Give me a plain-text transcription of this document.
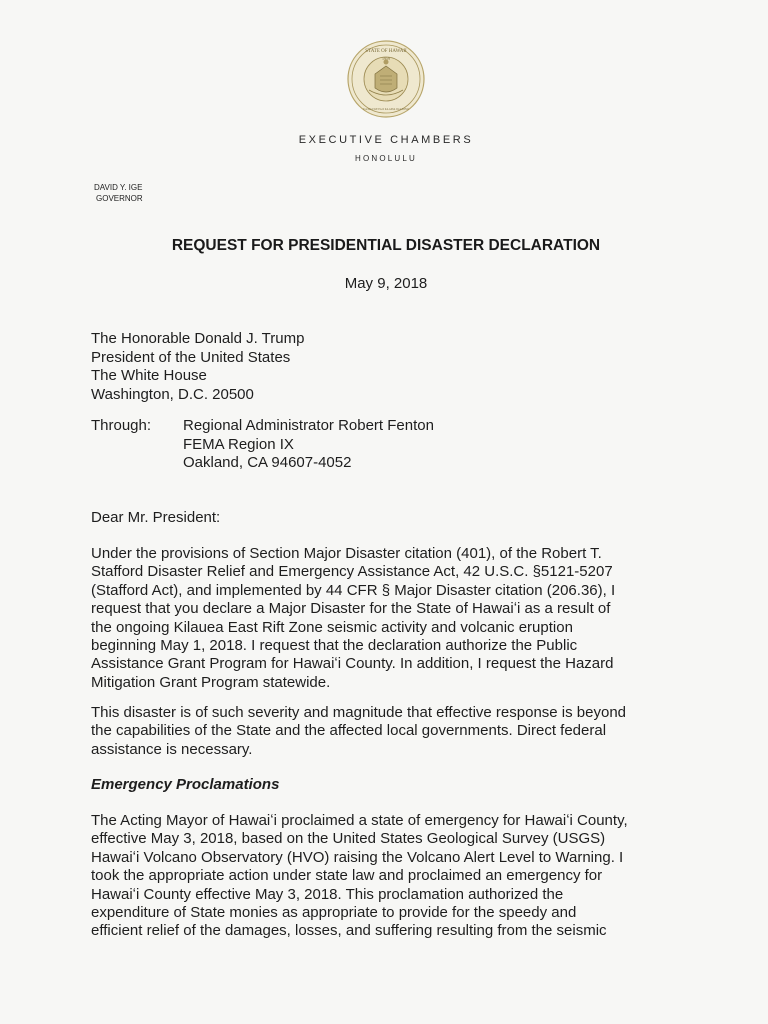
STATE OF HAWAII
1959
UA MAU KE EA O KA AINA I KA PONO
EXECUTIVE CHAMBERS
HONOLULU
DAVID Y. IGE
GOVERNOR
REQUEST FOR PRESIDENTIAL DISASTER DECLARATION
May 9, 2018
The Honorable Donald J. Trump
President of the United States
The White House
Washington, D.C. 20500
Through: Regional Administrator Robert Fenton
FEMA Region IX
Oakland, CA 94607-4052
Dear Mr. President:
Under the provisions of Section Major Disaster citation (401), of the Robert T.
Stafford Disaster Relief and Emergency Assistance Act, 42 U.S.C. §5121-5207
(Stafford Act), and implemented by 44 CFR § Major Disaster citation (206.36), I
request that you declare a Major Disaster for the State of Hawaiʻi as a result of
the ongoing Kilauea East Rift Zone seismic activity and volcanic eruption
beginning May 1, 2018. I request that the declaration authorize the Public
Assistance Grant Program for Hawaiʻi County. In addition, I request the Hazard
Mitigation Grant Program statewide.
This disaster is of such severity and magnitude that effective response is beyond
the capabilities of the State and the affected local governments. Direct federal
assistance is necessary.
Emergency Proclamations
The Acting Mayor of Hawaiʻi proclaimed a state of emergency for Hawaiʻi County,
effective May 3, 2018, based on the United States Geological Survey (USGS)
Hawaiʻi Volcano Observatory (HVO) raising the Volcano Alert Level to Warning. I
took the appropriate action under state law and proclaimed an emergency for
Hawaiʻi County effective May 3, 2018. This proclamation authorized the
expenditure of State monies as appropriate to provide for the speedy and
efficient relief of the damages, losses, and suffering resulting from the seismic
